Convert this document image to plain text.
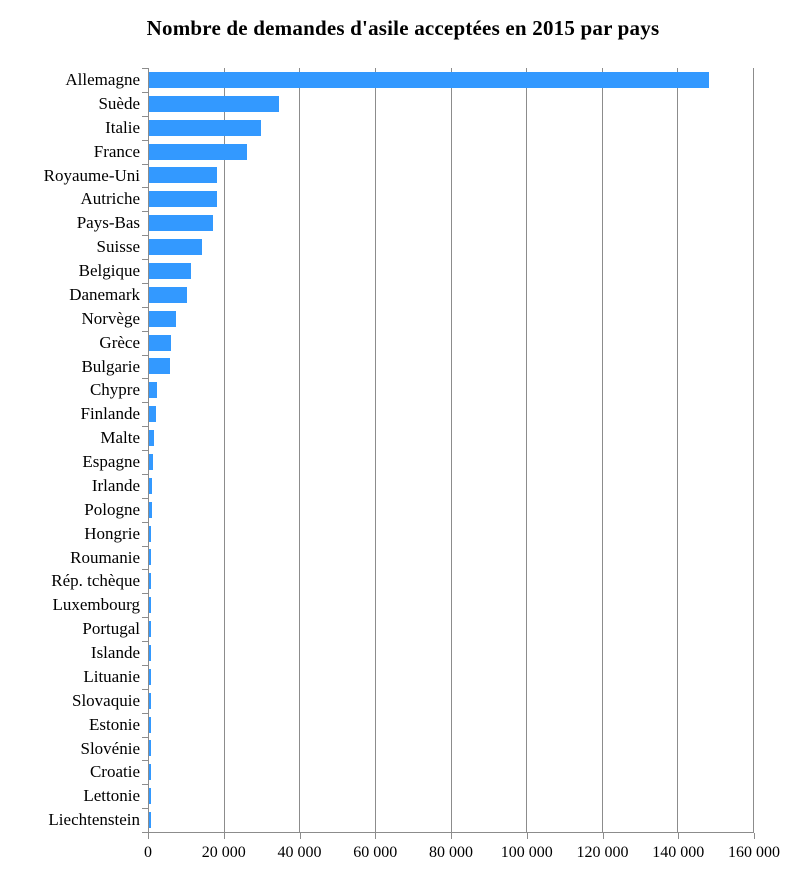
Nombre de demandes d'asile acceptées en 2015 par pays
Allemagne
Suède
Italie
France
Royaume-Uni
Autriche
Pays-Bas
Suisse
Belgique
Danemark
Norvège
Grèce
Bulgarie
Chypre
Finlande
Malte
Espagne
Irlande
Pologne
Hongrie
Roumanie
Rép. tchèque
Luxembourg
Portugal
Islande
Lituanie
Slovaquie
Estonie
Slovénie
Croatie
Lettonie
Liechtenstein
0	20 000 40 000 60 000 80 000 100 000 120 000 140 000 160 000
